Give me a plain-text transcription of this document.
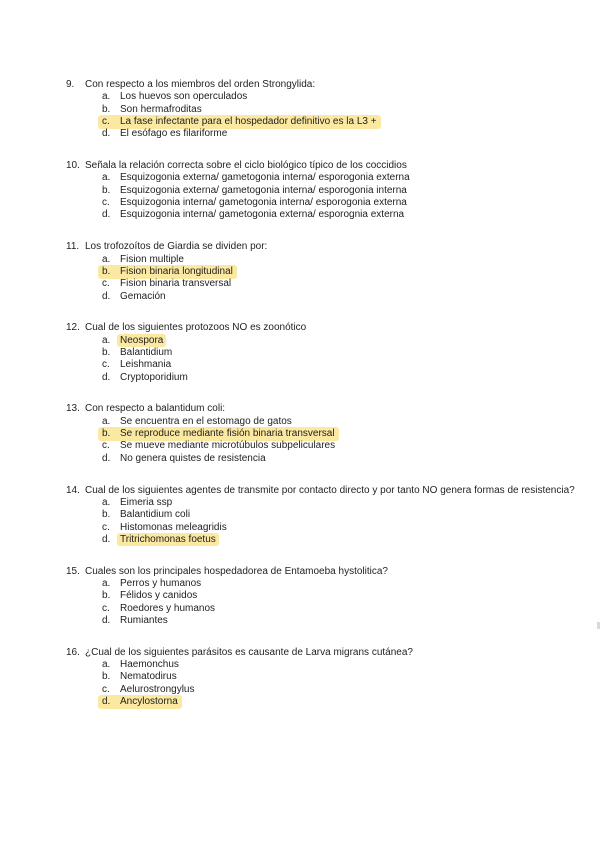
9. Con respecto a los miembros del orden Strongylida:
a. Los huevos son operculados
b. Son hermafroditas
c. La fase infectante para el hospedador definitivo es la L3 +
d. El esófago es filariforme
10. Señala la relación correcta sobre el ciclo biológico típico de los coccidios
a. Esquizogonia externa/ gametogonia interna/ esporogonia externa
b. Esquizogonia externa/ gametogonia interna/ esporogonia interna
c. Esquizogonia interna/ gametogonia interna/ esporogonia externa
d. Esquizogonia interna/ gametogonia externa/ esporognia externa
11. Los trofozoítos de Giardia se dividen por:
a. Fision multiple
b. Fision binaria longitudinal
c. Fision binaria transversal
d. Gemación
12. Cual de los siguientes protozoos NO es zoonótico
a. Neospora
b. Balantidium
c. Leishmania
d. Cryptoporidium
13. Con respecto a balantidum coli:
a. Se encuentra en el estomago de gatos
b. Se reproduce mediante fisión binaria transversal
c. Se mueve mediante microtúbulos subpeliculares
d. No genera quistes de resistencia
14. Cual de los siguientes agentes de transmite por contacto directo y por tanto NO genera formas de resistencia?
a. Eimeria ssp
b. Balantidium coli
c. Histomonas meleagridis
d. Tritrichomonas foetus
15. Cuales son los principales hospedadorea de Entamoeba hystolitica?
a. Perros y humanos
b. Félidos y canidos
c. Roedores y humanos
d. Rumiantes
16. ¿Cual de los siguientes parásitos es causante de Larva migrans cutánea?
a. Haemonchus
b. Nematodirus
c. Aelurostrongylus
d. Ancylostorna
